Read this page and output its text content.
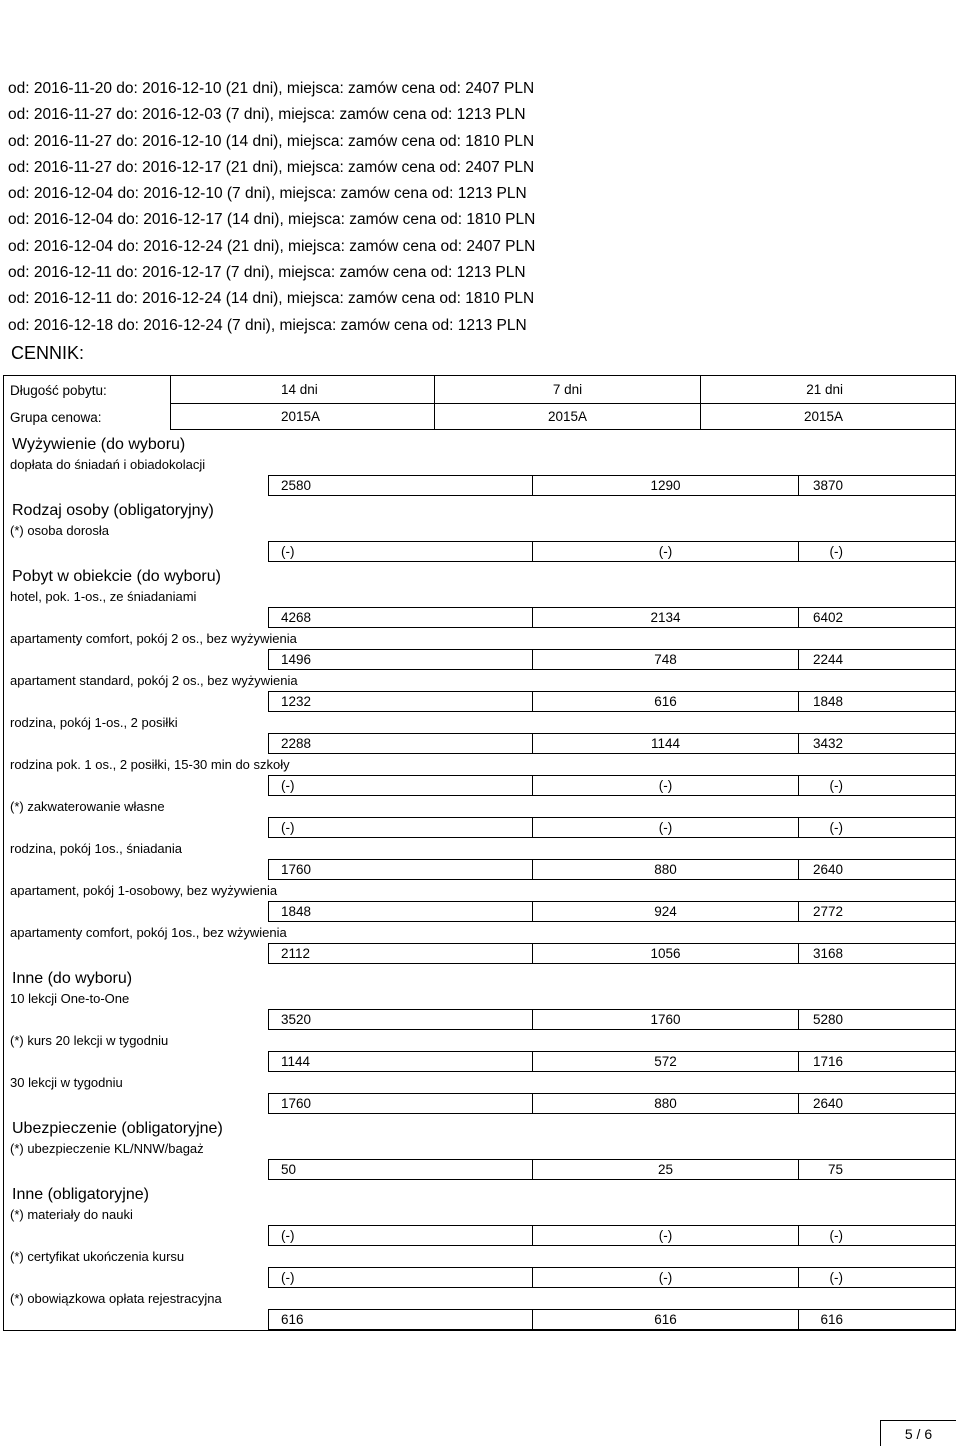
od: 2016-11-20 do: 2016-12-10 (21 dni), miejsca: zamów cena od: 2407 PLN
od: 2016-11-27 do: 2016-12-03 (7 dni), miejsca: zamów cena od: 1213 PLN
od: 2016-11-27 do: 2016-12-10 (14 dni), miejsca: zamów cena od: 1810 PLN
od: 2016-11-27 do: 2016-12-17 (21 dni), miejsca: zamów cena od: 2407 PLN
od: 2016-12-04 do: 2016-12-10 (7 dni), miejsca: zamów cena od: 1213 PLN
od: 2016-12-04 do: 2016-12-17 (14 dni), miejsca: zamów cena od: 1810 PLN
od: 2016-12-04 do: 2016-12-24 (21 dni), miejsca: zamów cena od: 2407 PLN
od: 2016-12-11 do: 2016-12-17 (7 dni), miejsca: zamów cena od: 1213 PLN
od: 2016-12-11 do: 2016-12-24 (14 dni), miejsca: zamów cena od: 1810 PLN
od: 2016-12-18 do: 2016-12-24 (7 dni), miejsca: zamów cena od: 1213 PLN
CENNIK:
Długość pobytu:	14 dni	7 dni	21 dni
Grupa cenowa:	2015A	2015A	2015A
Wyżywienie (do wyboru)
dopłata do śniadań i obiadokolacji
2580	1290	3870
Rodzaj osoby (obligatoryjny)
(*) osoba dorosła
(-)	(-)	(-)
Pobyt w obiekcie (do wyboru)
hotel, pok. 1-os., ze śniadaniami
4268	2134	6402
apartamenty comfort, pokój 2 os., bez wyżywienia
1496	748	2244
apartament standard, pokój 2 os., bez wyżywienia
1232	616	1848
rodzina, pokój 1-os., 2 posiłki
2288	1144	3432
rodzina pok. 1 os., 2 posiłki, 15-30 min do szkoły
(-)	(-)	(-)
(*) zakwaterowanie własne
(-)	(-)	(-)
rodzina, pokój 1os., śniadania
1760	880	2640
apartament, pokój 1-osobowy, bez wyżywienia
1848	924	2772
apartamenty comfort, pokój 1os., bez wżywienia
2112	1056	3168
Inne (do wyboru)
10 lekcji One-to-One
3520	1760	5280
(*) kurs 20 lekcji w tygodniu
1144	572	1716
30 lekcji w tygodniu
1760	880	2640
Ubezpieczenie (obligatoryjne)
(*) ubezpieczenie KL/NNW/bagaż
50	25	75
Inne (obligatoryjne)
(*) materiały do nauki
(-)	(-)	(-)
(*) certyfikat ukończenia kursu
(-)	(-)	(-)
(*) obowiązkowa opłata rejestracyjna
616	616	616
5 / 6
